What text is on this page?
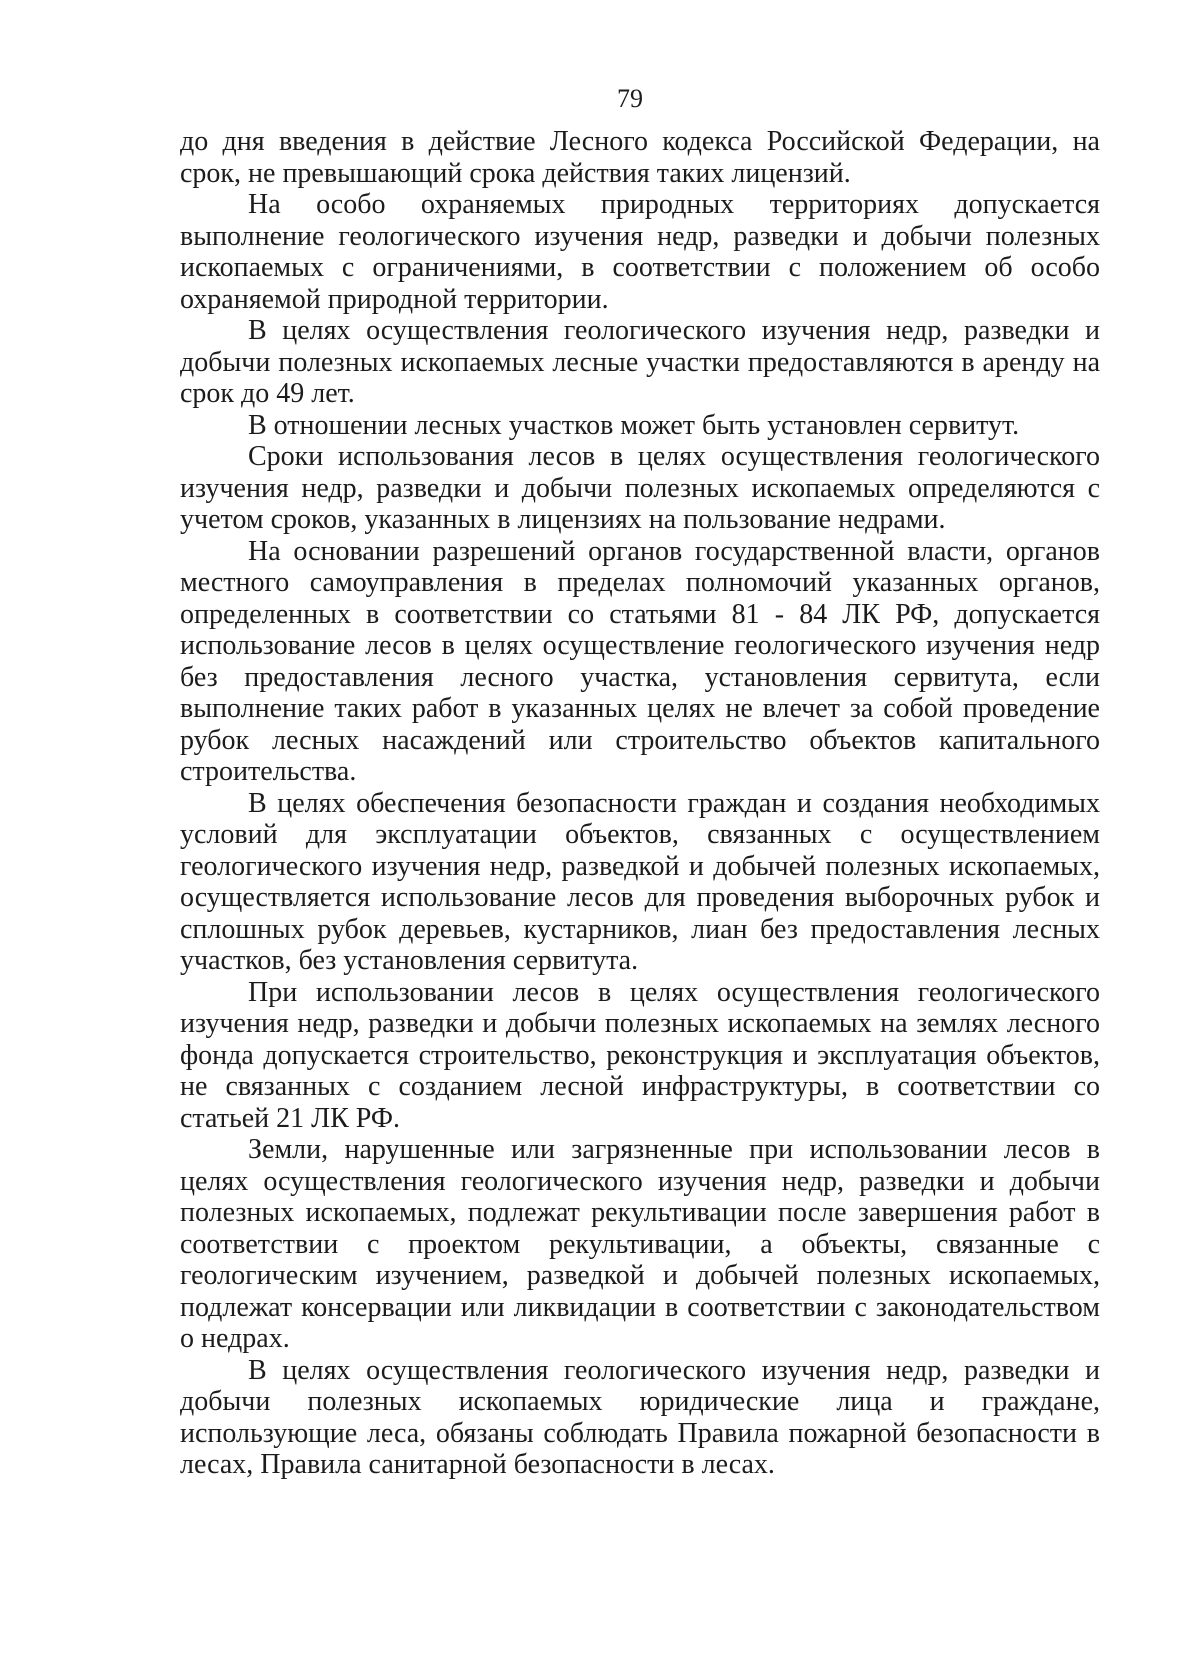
79

до дня введения в действие Лесного кодекса Российской Федерации, на срок, не превышающий срока действия таких лицензий.

На особо охраняемых природных территориях допускается выполнение геологического изучения недр, разведки и добычи полезных ископаемых с ограничениями, в соответствии с положением об особо охраняемой природной территории.

В целях осуществления геологического изучения недр, разведки и добычи полезных ископаемых лесные участки предоставляются в аренду на срок до 49 лет.

В отношении лесных участков может быть установлен сервитут.

Сроки использования лесов в целях осуществления геологического изучения недр, разведки и добычи полезных ископаемых определяются с учетом сроков, указанных в лицензиях на пользование недрами.

На основании разрешений органов государственной власти, органов местного самоуправления в пределах полномочий указанных органов, определенных в соответствии со статьями 81 - 84 ЛК РФ, допускается использование лесов в целях осуществление геологического изучения недр без предоставления лесного участка, установления сервитута, если выполнение таких работ в указанных целях не влечет за собой проведение рубок лесных насаждений или строительство объектов капитального строительства.

В целях обеспечения безопасности граждан и создания необходимых условий для эксплуатации объектов, связанных с осуществлением геологического изучения недр, разведкой и добычей полезных ископаемых, осуществляется использование лесов для проведения выборочных рубок и сплошных рубок деревьев, кустарников, лиан без предоставления лесных участков, без установления сервитута.

При использовании лесов в целях осуществления геологического изучения недр, разведки и добычи полезных ископаемых на землях лесного фонда допускается строительство, реконструкция и эксплуатация объектов, не связанных с созданием лесной инфраструктуры, в соответствии со статьей 21 ЛК РФ.

Земли, нарушенные или загрязненные при использовании лесов в целях осуществления геологического изучения недр, разведки и добычи полезных ископаемых, подлежат рекультивации после завершения работ в соответствии с проектом рекультивации, а объекты, связанные с геологическим изучением, разведкой и добычей полезных ископаемых, подлежат консервации или ликвидации в соответствии с законодательством о недрах.

В целях осуществления геологического изучения недр, разведки и добычи полезных ископаемых юридические лица и граждане, использующие леса, обязаны соблюдать Правила пожарной безопасности в лесах, Правила санитарной безопасности в лесах.
